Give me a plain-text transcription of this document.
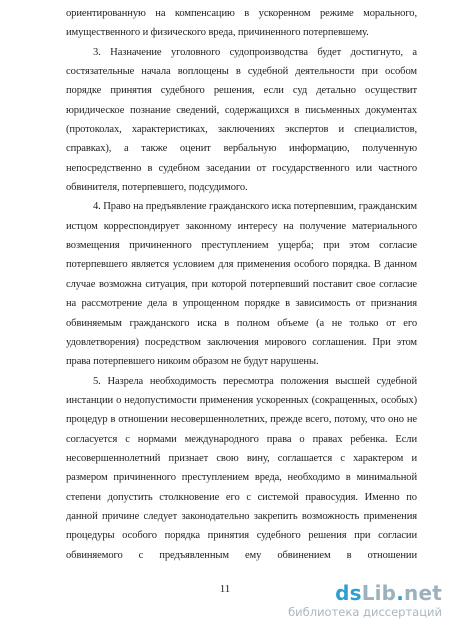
ориентированную на компенсацию в ускоренном режиме морального, имущественного и физического вреда, причиненного потерпевшему.

3. Назначение уголовного судопроизводства будет достигнуто, а состязательные начала воплощены в судебной деятельности при особом порядке принятия судебного решения, если суд детально осуществит юридическое познание сведений, содержащихся в письменных документах (протоколах, характеристиках, заключениях экспертов и специалистов, справках), а также оценит вербальную информацию, полученную непосредственно в судебном заседании от государственного или частного обвинителя, потерпевшего, подсудимого.

4. Право на предъявление гражданского иска потерпевшим, гражданским истцом корреспондирует законному интересу на получение материального возмещения причиненного преступлением ущерба; при этом согласие потерпевшего является условием для применения особого порядка. В данном случае возможна ситуация, при которой потерпевший поставит свое согласие на рассмотрение дела в упрощенном порядке в зависимость от признания обвиняемым гражданского иска в полном объеме (а не только от его удовлетворения) посредством заключения мирового соглашения. При этом права потерпевшего никоим образом не будут нарушены.

5. Назрела необходимость пересмотра положения высшей судебной инстанции о недопустимости применения ускоренных (сокращенных, особых) процедур в отношении несовершеннолетних, прежде всего, потому, что оно не согласуется с нормами международного права о правах ребенка. Если несовершеннолетний признает свою вину, соглашается с характером и размером причиненного преступлением вреда, необходимо в минимальной степени допустить столкновение его с системой правосудия. Именно по данной причине следует законодательно закрепить возможность применения процедуры особого порядка принятия судебного решения при согласии обвиняемого с предъявленным ему обвинением в отношении

11	dsLib.net
библиотека диссертаций
